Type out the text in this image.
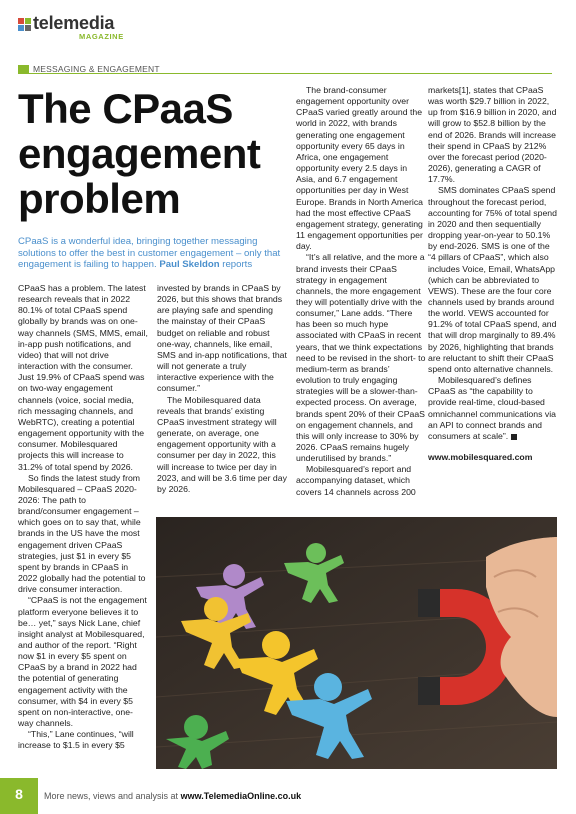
telemedia
MAGAZINE
MESSAGING & ENGAGEMENT
The CPaaS
engagement
problem
CPaaS is a wonderful idea, bringing together messaging solutions to offer the best in customer engagement – only that engagement is failing to happen. Paul Skeldon reports

CPaaS has a problem. The latest research reveals that in 2022 80.1% of total CPaaS spend globally by brands was on one-way channels (SMS, MMS, email, in-app push notifications, and video) that will not drive interaction with the consumer. Just 19.9% of CPaaS spend was on two-way engagement channels (voice, social media, rich messaging channels, and WebRTC), creating a potential engagement opportunity with the consumer. Mobilesquared projects this will increase to 31.2% of total spend by 2026.

So finds the latest study from Mobilesquared – CPaaS 2020-2026: The path to brand/consumer engagement – which goes on to say that, while brands in the US have the most engagement driven CPaaS strategies, just $1 in every $5 spent by brands in CPaaS in 2022 globally had the potential to drive consumer interaction.

“CPaaS is not the engagement platform everyone believes it to be… yet,” says Nick Lane, chief insight analyst at Mobilesquared, and author of the report. “Right now $1 in every $5 spent on CPaaS by a brand in 2022 had the potential of generating engagement activity with the consumer, with $4 in every $5 spent on non-interactive, one-way channels.

“This,” Lane continues, “will increase to $1.5 in every $5

invested by brands in CPaaS by 2026, but this shows that brands are playing safe and spending the mainstay of their CPaaS budget on reliable and robust one-way, channels, like email, SMS and in-app notifications, that will not generate a truly interactive experience with the consumer.”

The Mobilesquared data reveals that brands’ existing CPaaS investment strategy will generate, on average, one engagement opportunity with a consumer per day in 2022, this will increase to twice per day in 2023, and will be 3.6 time per day by 2026.

The brand-consumer engagement opportunity over CPaaS varied greatly around the world in 2022, with brands generating one engagement opportunity every 65 days in Africa, one engagement opportunity every 2.5 days in Asia, and 6.7 engagement opportunities per day in West Europe. Brands in North America had the most effective CPaaS engagement strategy, generating 11 engagement opportunities per day.

“It’s all relative, and the more a brand invests their CPaaS strategy in engagement channels, the more engagement they will potentially drive with the consumer,” Lane adds. “There has been so much hype associated with CPaaS in recent years, that we think expectations need to be revised in the short- to medium-term as brands’ evolution to truly engaging strategies will be a slower-than-expected process. On average, brands spent 20% of their CPaaS on engagement channels, and this will only increase to 30% by 2026. CPaaS remains hugely underutilised by brands.”

Mobilesquared’s report and accompanying dataset, which covers 14 channels across 200

markets[1], states that CPaaS was worth $29.7 billion in 2022, up from $16.9 billion in 2020, and will grow to $52.8 billion by the end of 2026. Brands will increase their spend in CPaaS by 212% over the forecast period (2020-2026), generating a CAGR of 17.7%.

SMS dominates CPaaS spend throughout the forecast period, accounting for 75% of total spend in 2020 and then sequentially dropping year-on-year to 50.1% by end-2026. SMS is one of the “4 pillars of CPaaS”, which also includes Voice, Email, WhatsApp (which can be abbreviated to VEWS). These are the four core channels used by brands around the world. VEWS accounted for 91.2% of total CPaaS spend, and that will drop marginally to 89.4% by 2026, highlighting that brands are reluctant to shift their CPaaS spend onto alternative channels.

Mobilesquared’s defines CPaaS as “the capability to provide real-time, cloud-based omnichannel communications via an API to connect brands and consumers at scale”.

www.mobilesquared.com

8	More news, views and analysis at www.TelemediaOnline.co.uk
